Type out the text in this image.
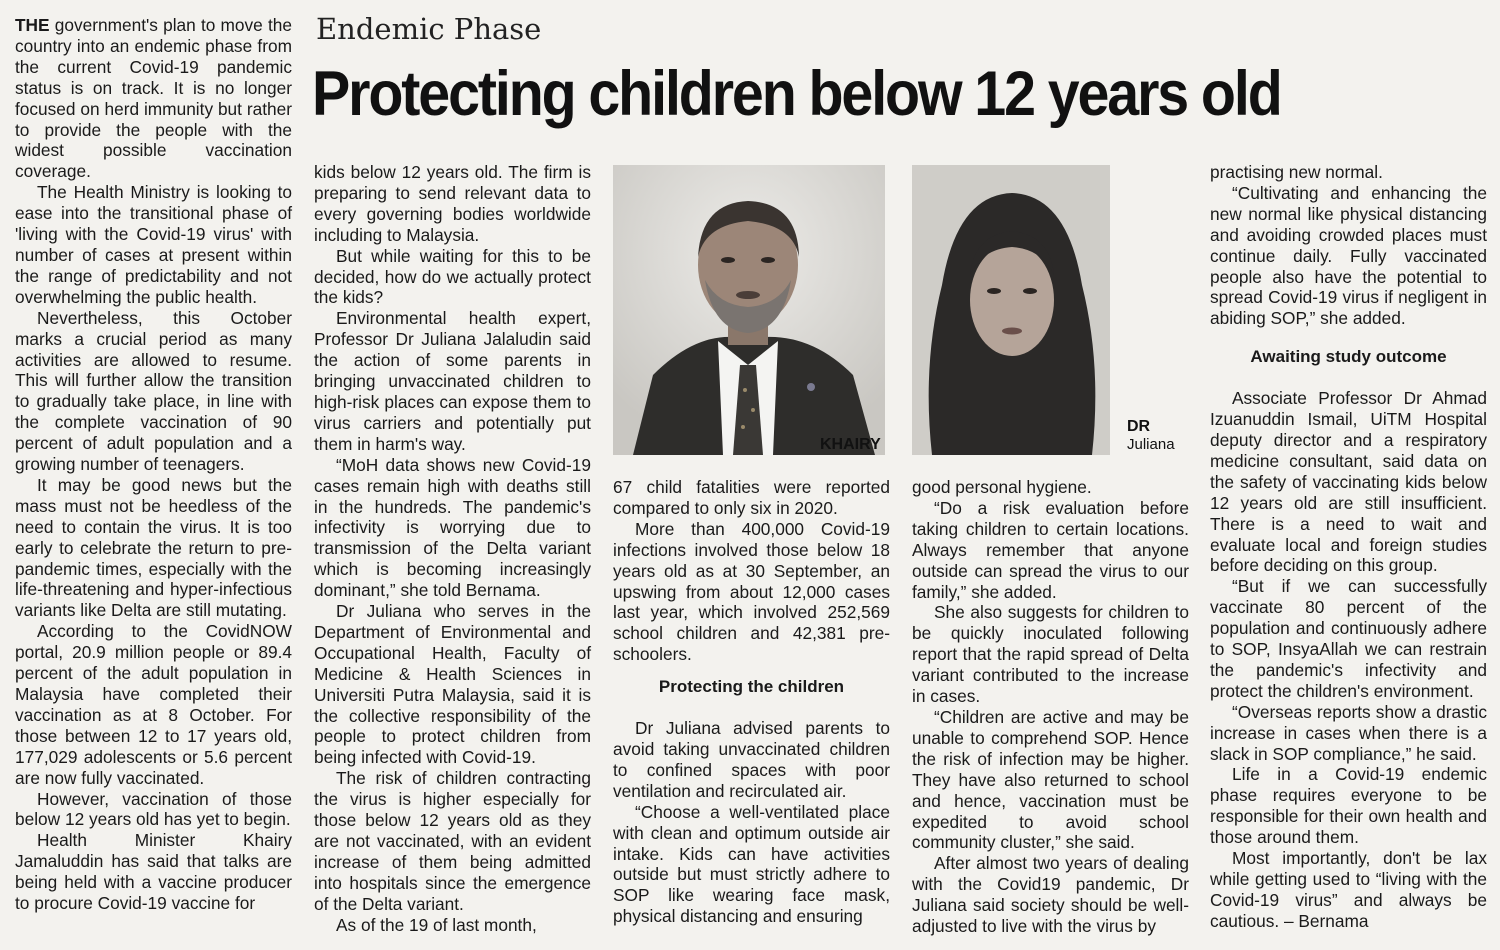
Endemic Phase
Protecting children below 12 years old

THE government's plan to move the country into an endemic phase from the current Covid-19 pandemic status is on track. It is no longer focused on herd immunity but rather to provide the people with the widest possible vaccination coverage.

The Health Ministry is looking to ease into the transitional phase of 'living with the Covid-19 virus' with number of cases at present within the range of predictability and not overwhelming the public health.

Nevertheless, this October marks a crucial period as many activities are allowed to resume. This will further allow the transition to gradually take place, in line with the complete vaccination of 90 percent of adult population and a growing number of teenagers.

It may be good news but the mass must not be heedless of the need to contain the virus. It is too early to celebrate the return to pre-pandemic times, especially with the life-threatening and hyper-infectious variants like Delta are still mutating.

According to the CovidNOW portal, 20.9 million people or 89.4 percent of the adult population in Malaysia have completed their vaccination as at 8 October. For those between 12 to 17 years old, 177,029 adolescents or 5.6 percent are now fully vaccinated.

However, vaccination of those below 12 years old has yet to begin.

Health Minister Khairy Jamaluddin has said that talks are being held with a vaccine producer to procure Covid-19 vaccine for

kids below 12 years old. The firm is preparing to send relevant data to every governing bodies worldwide including to Malaysia.

But while waiting for this to be decided, how do we actually protect the kids?

Environmental health expert, Professor Dr Juliana Jalaludin said the action of some parents in bringing unvaccinated children to high-risk places can expose them to virus carriers and potentially put them in harm's way.

“MoH data shows new Covid-19 cases remain high with deaths still in the hundreds. The pandemic's infectivity is worrying due to transmission of the Delta variant which is becoming increasingly dominant,” she told Bernama.

Dr Juliana who serves in the Department of Environmental and Occupational Health, Faculty of Medicine & Health Sciences in Universiti Putra Malaysia, said it is the collective responsibility of the people to protect children from being infected with Covid-19.

The risk of children contracting the virus is higher especially for those below 12 years old as they are not vaccinated, with an evident increase of them being admitted into hospitals since the emergence of the Delta variant.

As of the 19 of last month,

KHAIRY

67 child fatalities were reported compared to only six in 2020.

More than 400,000 Covid-19 infections involved those below 18 years old as at 30 September, an upswing from about 12,000 cases last year, which involved 252,569 school children and 42,381 pre-schoolers.

Protecting the children

Dr Juliana advised parents to avoid taking unvaccinated children to confined spaces with poor ventilation and recirculated air.

“Choose a well-ventilated place with clean and optimum outside air intake. Kids can have activities outside but must strictly adhere to SOP like wearing face mask, physical distancing and ensuring

DR
Juliana

good personal hygiene.

“Do a risk evaluation before taking children to certain locations. Always remember that anyone outside can spread the virus to our family,” she added.

She also suggests for children to be quickly inoculated following report that the rapid spread of Delta variant contributed to the increase in cases.

“Children are active and may be unable to comprehend SOP. Hence the risk of infection may be higher. They have also returned to school and hence, vaccination must be expedited to avoid school community cluster,” she said.

After almost two years of dealing with the Covid19 pandemic, Dr Juliana said society should be well-adjusted to live with the virus by

practising new normal.

“Cultivating and enhancing the new normal like physical distancing and avoiding crowded places must continue daily. Fully vaccinated people also have the potential to spread Covid-19 virus if negligent in abiding SOP,” she added.

Awaiting study outcome

Associate Professor Dr Ahmad Izuanuddin Ismail, UiTM Hospital deputy director and a respiratory medicine consultant, said data on the safety of vaccinating kids below 12 years old are still insufficient. There is a need to wait and evaluate local and foreign studies before deciding on this group.

“But if we can successfully vaccinate 80 percent of the population and continuously adhere to SOP, InsyaAllah we can restrain the pandemic's infectivity and protect the children's environment.

“Overseas reports show a drastic increase in cases when there is a slack in SOP compliance,” he said.

Life in a Covid-19 endemic phase requires everyone to be responsible for their own health and those around them.

Most importantly, don't be lax while getting used to “living with the Covid-19 virus” and always be cautious. – Bernama
